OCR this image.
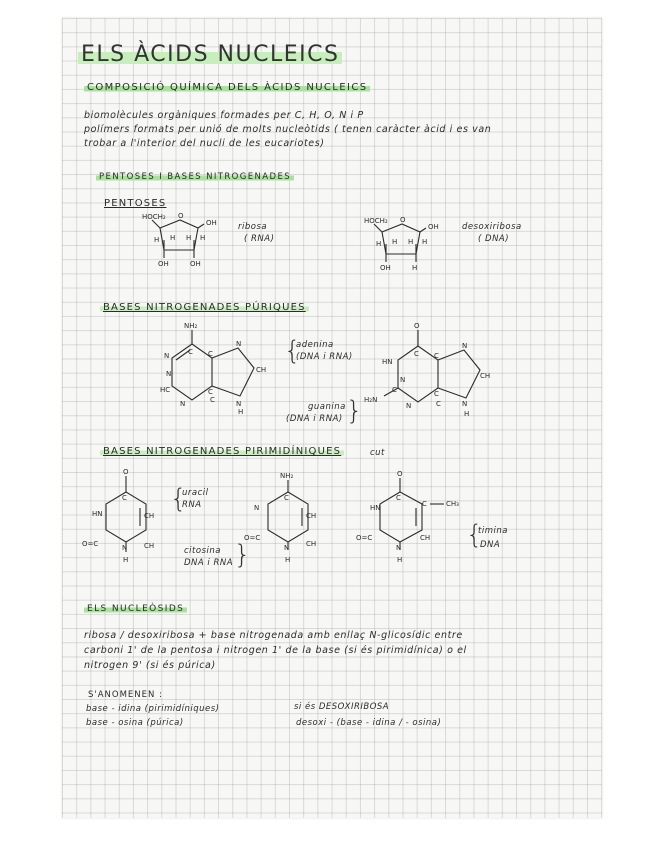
ELS ÀCIDS NUCLEICS
COMPOSICIÓ QUÍMICA DELS ÀCIDS NUCLEICS
biomolècules orgàniques formades per C, H, O, N i P
polímers formats per unió de molts nucleòtids ( tenen caràcter àcid i es van
trobar a l'interior del nucli de les eucariotes)
PENTOSES I BASES NITROGENADES
PENTOSES
HOCH₂ O
OH
H H H H
OH	OH
ribosa
( RNA)
HOCH₂ O
OH
H H H H
OH	H
desoxiribosa
( DNA)
BASES NITROGENADES PÚRIQUES
NH₂
C
N	C
CH
N
C
N
HC
N
C	N
H
{
adenina
(DNA i RNA)
O
C
HN
C
N
CH
C
N
H₂N
C
N
C	N
H
guanina
(DNA i RNA) }
BASES NITROGENADES PIRIMIDÍNIQUES	cut
O
C
HN	CH
O=C	CH
N
H
{
uracil
RNA
NH₂
C
N
CH
O=C
CH
N
H
citosina
DNA i RNA }
O
C
HN	C	CH₃
O=C	CH
N
H
{
timina
DNA
ELS NUCLEÒSIDS
ribosa / desoxiribosa + base nitrogenada amb enllaç N-glicosídic entre
carboni 1' de la pentosa i nitrogen 1' de la base (si és pirimidínica) o el
nitrogen 9' (si és púrica)
S'ANOMENEN :
base - idina (pirimidíniques)
base - osina (púrica)
si és DESOXIRIBOSA
desoxi - (base - idina / - osina)
